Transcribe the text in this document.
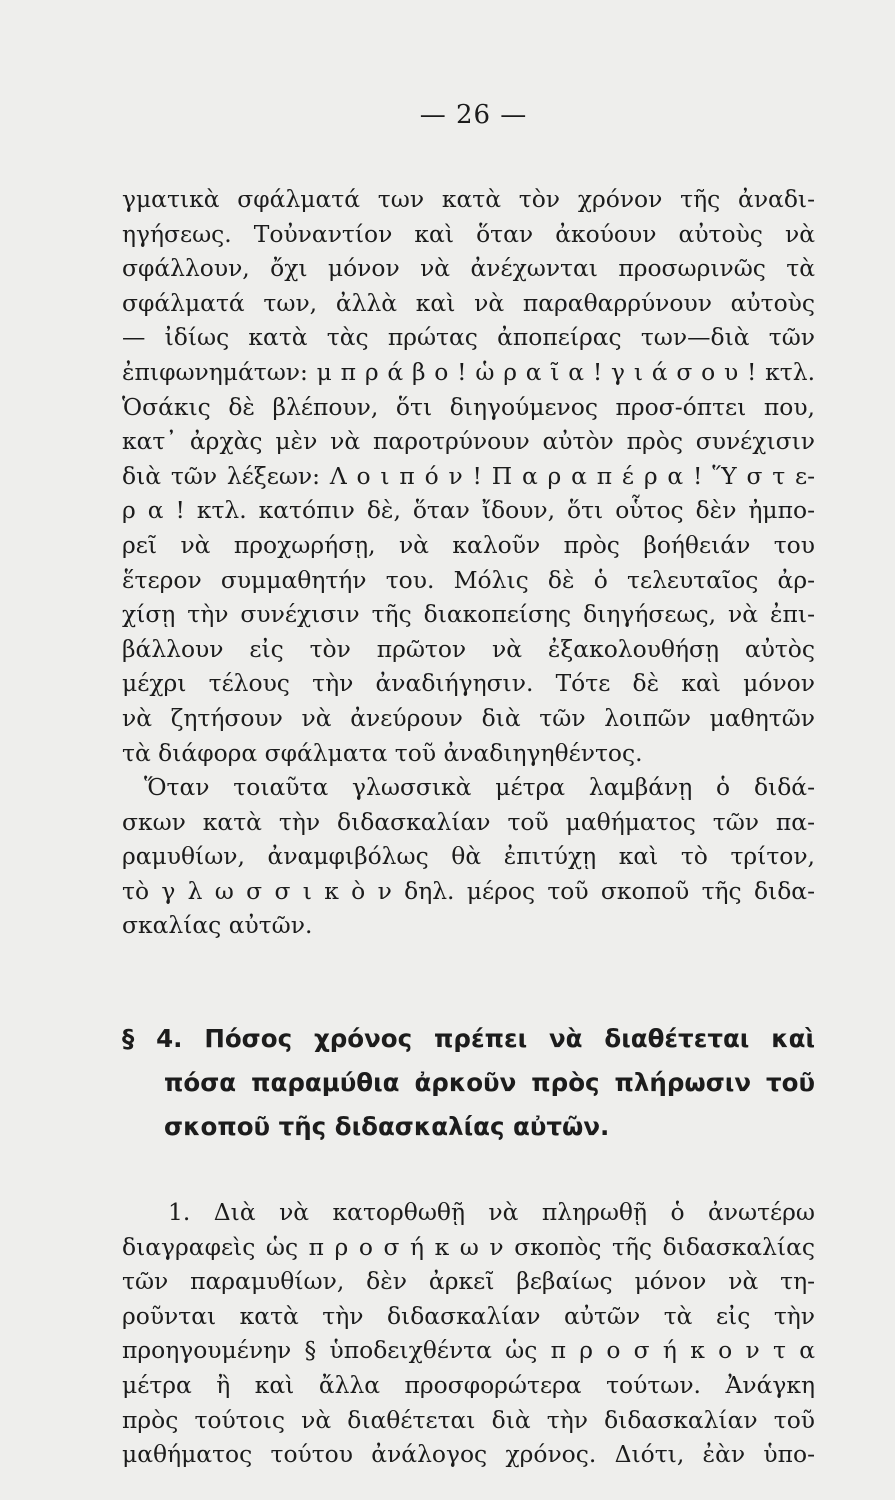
— 26 —
γματικὰ σφάλματά των κατὰ τὸν χρόνον τῆς ἀναδι-
ηγήσεως. Τοὐναντίον καὶ ὅταν ἀκούουν αὐτοὺς νὰ
σφάλλουν, ὄχι μόνον νὰ ἀνέχωνται προσωρινῶς τὰ
σφάλματά των, ἀλλὰ καὶ νὰ παραθαρρύνουν αὐτοὺς
— ἰδίως κατὰ τὰς πρώτας ἀποπείρας των—διὰ τῶν
ἐπιφωνημάτων: μ π ρ ά β ο ! ὡ ρ α ῖ α ! γ ι ά σ ο υ ! κτλ.
Ὁσάκις δὲ βλέπουν, ὅτι διηγούμενος προσ-όπτει που,
κατ᾽ ἀρχὰς μὲν νὰ παροτρύνουν αὐτὸν πρὸς συνέχισιν
διὰ τῶν λέξεων: Λ ο ι π ό ν ! Π α ρ α π έ ρ α ! Ὕ σ τ ε-
ρ α ! κτλ. κατόπιν δὲ, ὅταν ἴδουν, ὅτι οὗτος δὲν ἠμπο-
ρεῖ νὰ προχωρήσῃ, νὰ καλοῦν πρὸς βοήθειάν του
ἕτερον συμμαθητήν του. Μόλις δὲ ὁ τελευταῖος ἀρ-
χίσῃ τὴν συνέχισιν τῆς διακοπείσης διηγήσεως, νὰ ἐπι-
βάλλουν εἰς τὸν πρῶτον νὰ ἐξακολουθήσῃ αὐτὸς
μέχρι τέλους τὴν ἀναδιήγησιν. Τότε δὲ καὶ μόνον
νὰ ζητήσουν νὰ ἀνεύρουν διὰ τῶν λοιπῶν μαθητῶν
τὰ διάφορα σφάλματα τοῦ ἀναδιηγηθέντος.
Ὅταν τοιαῦτα γλωσσικὰ μέτρα λαμβάνῃ ὁ διδά-
σκων κατὰ τὴν διδασκαλίαν τοῦ μαθήματος τῶν πα-
ραμυθίων, ἀναμφιβόλως θὰ ἐπιτύχῃ καὶ τὸ τρίτον,
τὸ γ λ ω σ σ ι κ ὸ ν δηλ. μέρος τοῦ σκοποῦ τῆς διδα-
σκαλίας αὐτῶν.
§ 4. Πόσος χρόνος πρέπει νὰ διαθέτεται καὶ
πόσα παραμύθια ἀρκοῦν πρὸς πλήρωσιν τοῦ
σκοποῦ τῆς διδασκαλίας αὐτῶν.
1. Διὰ νὰ κατορθωθῇ νὰ πληρωθῇ ὁ ἀνωτέρω
διαγραφεὶς ὡς π ρ ο σ ή κ ω ν σκοπὸς τῆς διδασκαλίας
τῶν παραμυθίων, δὲν ἀρκεῖ βεβαίως μόνον νὰ τη-
ροῦνται κατὰ τὴν διδασκαλίαν αὐτῶν τὰ εἰς τὴν
προηγουμένην § ὑποδειχθέντα ὡς π ρ ο σ ή κ ο ν τ α
μέτρα ἢ καὶ ἄλλα προσφορώτερα τούτων. Ἀνάγκη
πρὸς τούτοις νὰ διαθέτεται διὰ τὴν διδασκαλίαν τοῦ
μαθήματος τούτου ἀνάλογος χρόνος. Διότι, ἐὰν ὑπο-
